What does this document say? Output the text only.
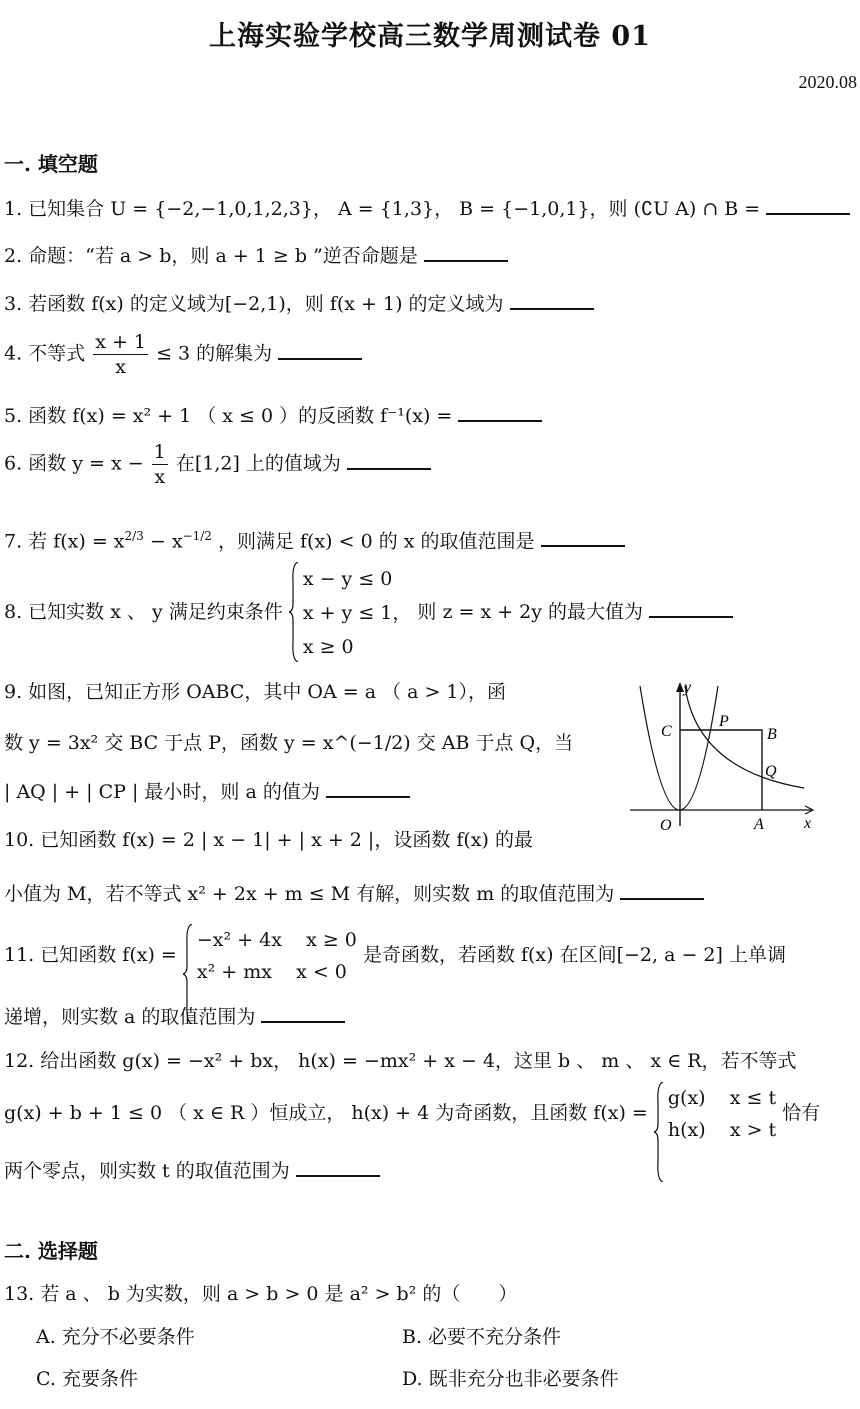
上海实验学校高三数学周测试卷 01
2020.08
一. 填空题
1. 已知集合 U = {−2,−1,0,1,2,3}， A = {1,3}， B = {−1,0,1}，则 (∁U A) ∩ B =
2. 命题：“若 a > b，则 a + 1 ≥ b ”逆否命题是
3. 若函数 f(x) 的定义域为[−2,1)，则 f(x + 1) 的定义域为
4. 不等式 $\frac{x + 1}{x} \le 3$ 的解集为
5. 函数 f(x) = x² + 1 （ x ≤ 0 ）的反函数 f⁻¹(x) =
6. 函数 $y = x - \frac{1}{x}$ 在[1,2] 上的值域为
7. 若 $f(x) = x^{2/3} - x^{-1/2}$ ，则满足 f(x) < 0 的 x 的取值范围是
8. 已知实数 x 、 y 满足约束条件
x − y ≤ 0
x + y ≤ 1，
x ≥ 0
则 z = x + 2y 的最大值为
9. 如图，已知正方形 OABC，其中 OA = a （ a > 1），函
数 y = 3x² 交 BC 于点 P，函数 y = x^(−1/2) 交 AB 于点 Q，当
| AQ | + | CP | 最小时，则 a 的值为
y
x
O	A
B
C
P
Q
10. 已知函数 f(x) = 2 | x − 1| + | x + 2 |，设函数 f(x) 的最
小值为 M，若不等式 x² + 2x + m ≤ M 有解，则实数 m 的取值范围为
11. 已知函数 f(x) =
−x² + 4x    x ≥ 0
x² + mx    x < 0
是奇函数，若函数 f(x) 在区间[−2, a − 2] 上单调
递增，则实数 a 的取值范围为
12. 给出函数 g(x) = −x² + bx， h(x) = −mx² + x − 4，这里 b 、 m 、 x ∈ R，若不等式
g(x) + b + 1 ≤ 0 （ x ∈ R ）恒成立， h(x) + 4 为奇函数，且函数 f(x) =
g(x)    x ≤ t
h(x)    x > t
恰有
两个零点，则实数 t 的取值范围为
二. 选择题
13. 若 a 、 b 为实数，则 a > b > 0 是 a² > b² 的（　　）
A. 充分不必要条件	B. 必要不充分条件
C. 充要条件	D. 既非充分也非必要条件
